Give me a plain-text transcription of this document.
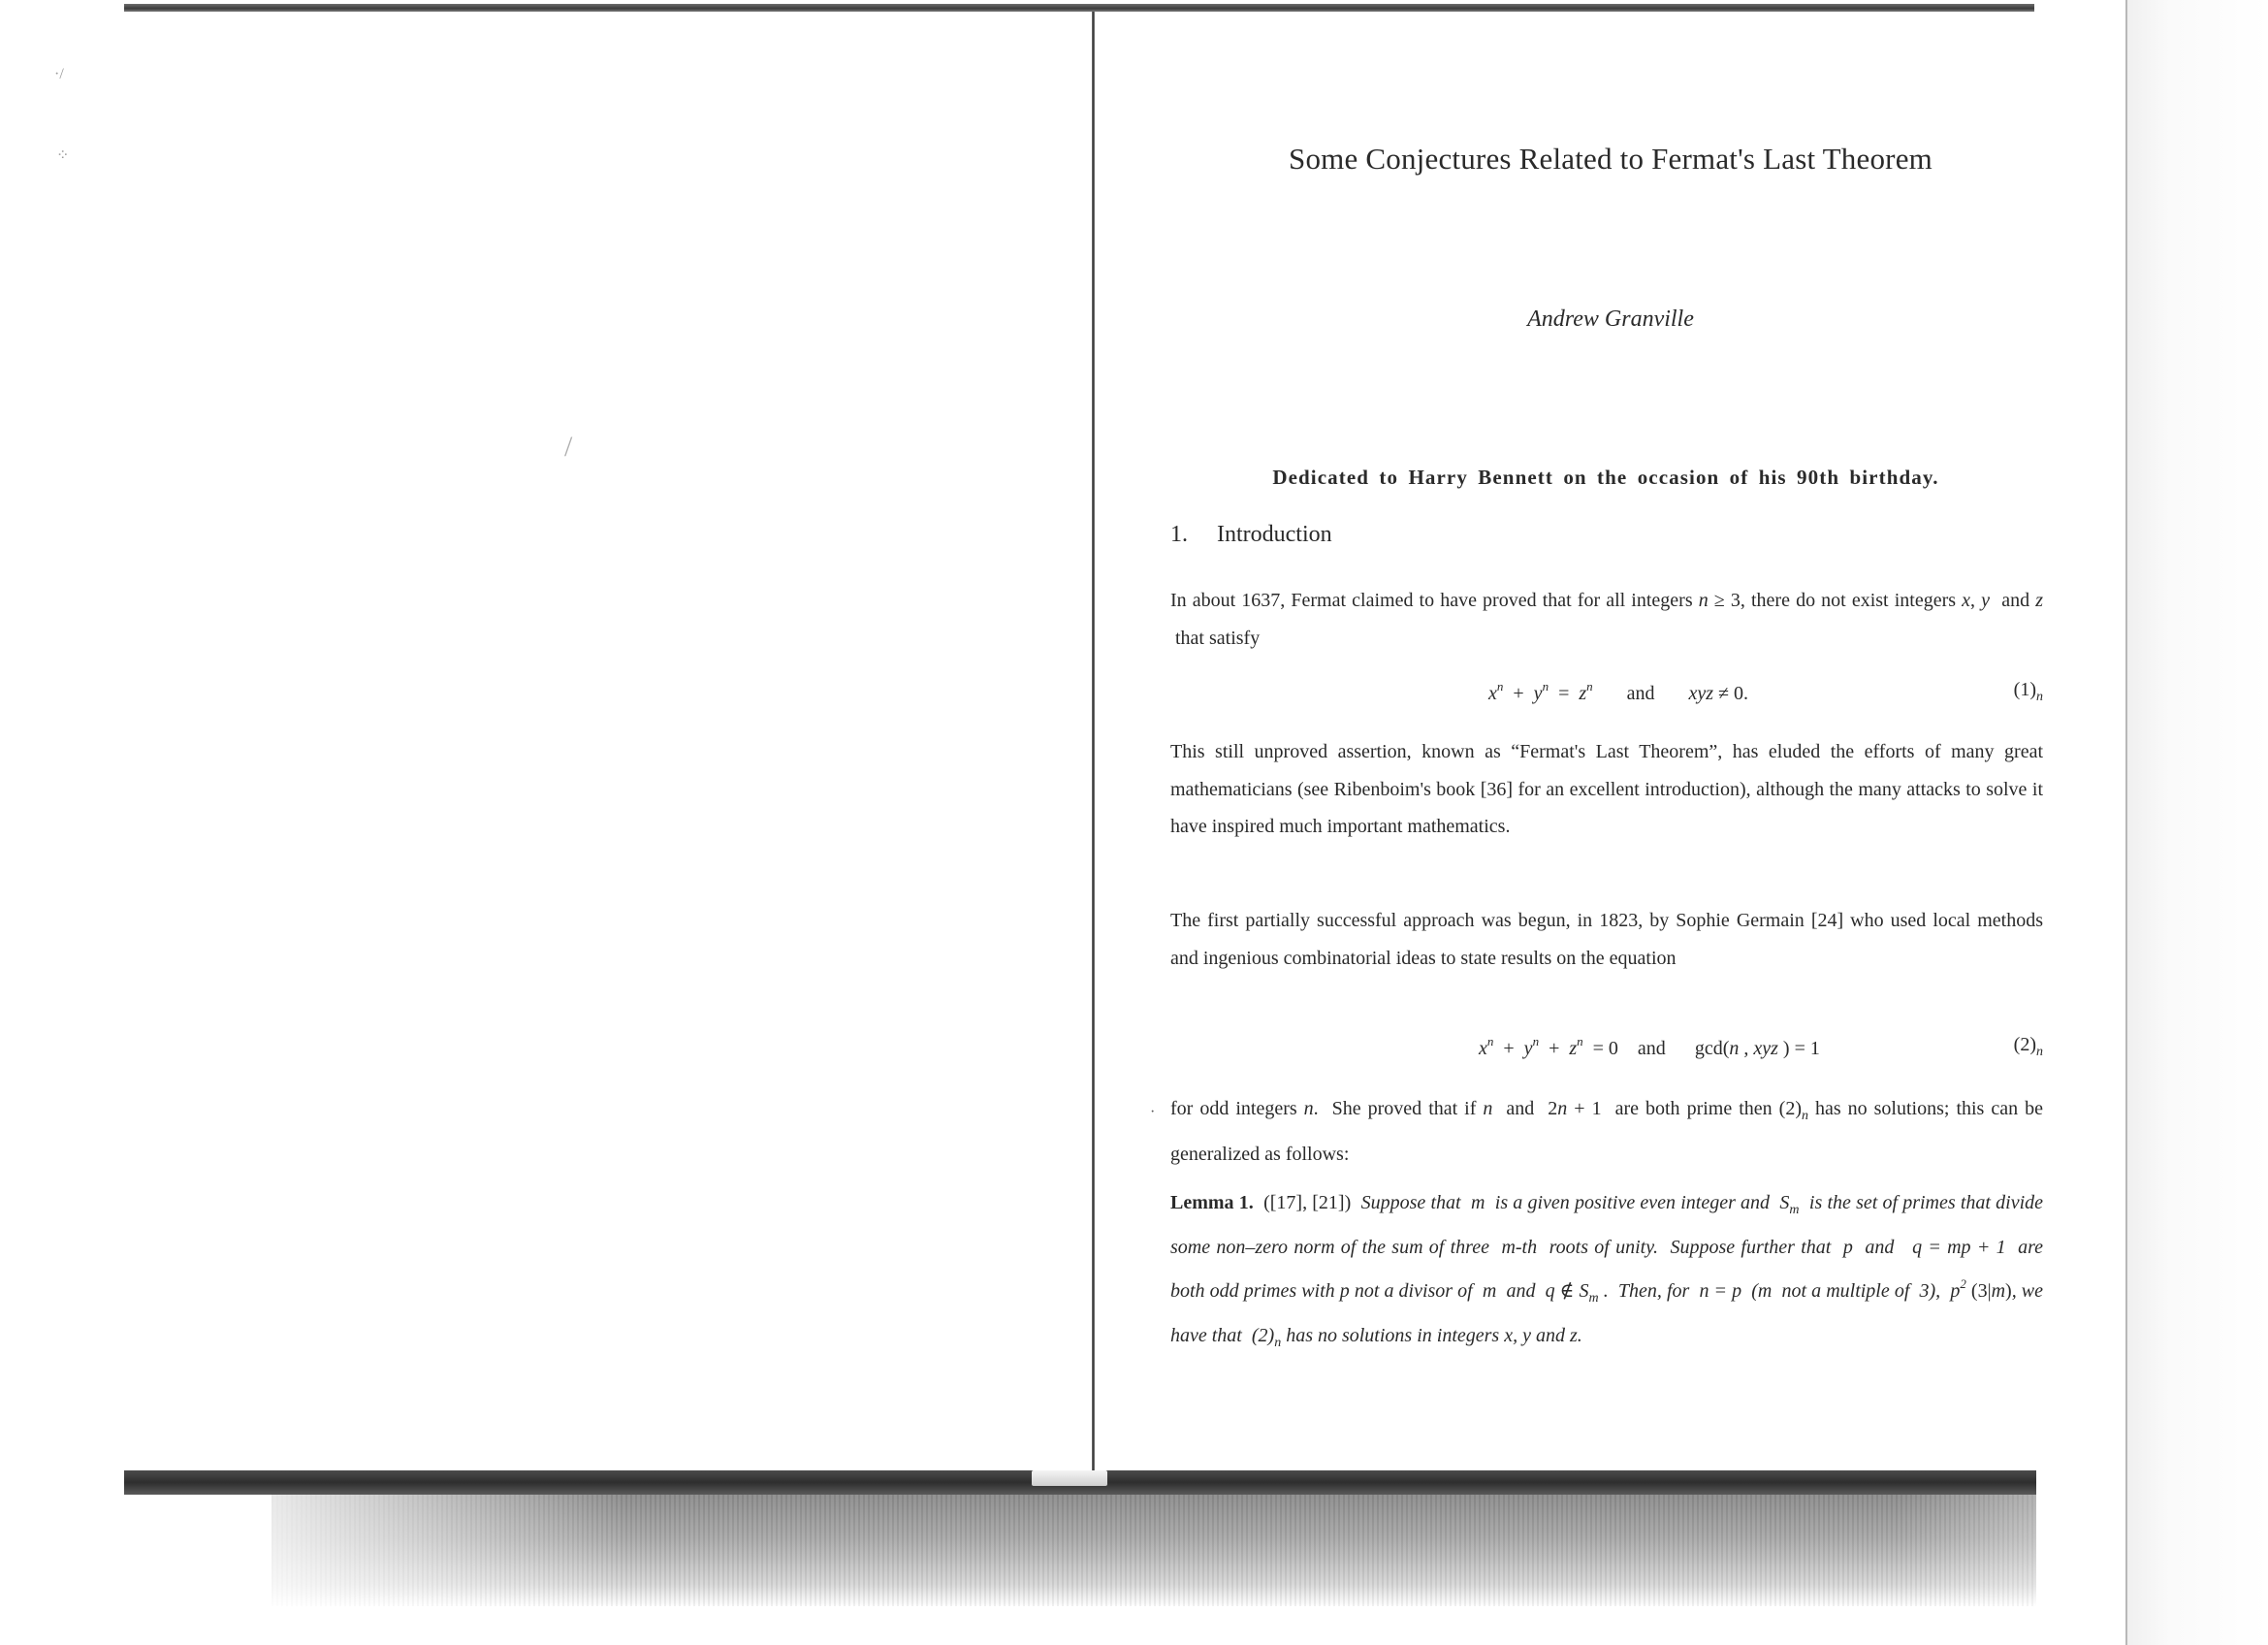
·/
⁘
/
Some Conjectures Related to Fermat's Last Theorem
Andrew Granville
Dedicated to Harry Bennett on the occasion of his 90th birthday.
1. Introduction
In about 1637, Fermat claimed to have proved that for all integers n ≥ 3, there do not exist integers x, y  and z  that satisfy
$x^n + y^n = z^n$ and xyz ≠ 0.	$(1)_n$
This still unproved assertion, known as “Fermat's Last Theorem”, has eluded the efforts of many great mathematicians (see Ribenboim's book [36] for an excellent introduction), although the many attacks to solve it have inspired much important mathematics.
The first partially successful approach was begun, in 1823, by Sophie Germain [24] who used local methods and ingenious combinatorial ideas to state results on the equation
$x^n + y^n + z^n = 0$    and      gcd(n , xyz ) = 1	$(2)_n$
· for odd integers n.  She proved that if n  and  2n + 1  are both prime then $(2)_n$ has no solutions; this can be generalized as follows:
Lemma 1. ([17], [21])  Suppose that  m  is a given positive even integer and  $S_m$  is the set of primes that divide some non–zero norm of the sum of three  m-th  roots of unity.  Suppose further that  p  and   q = mp + 1  are both odd primes with p not a divisor of  m  and  q ∉ $S_m$ .  Then, for  n = p  (m  not a multiple of  3),  $p^2$ (3|m), we have that  $(2)_n$ has no solutions in integers x, y and z.
